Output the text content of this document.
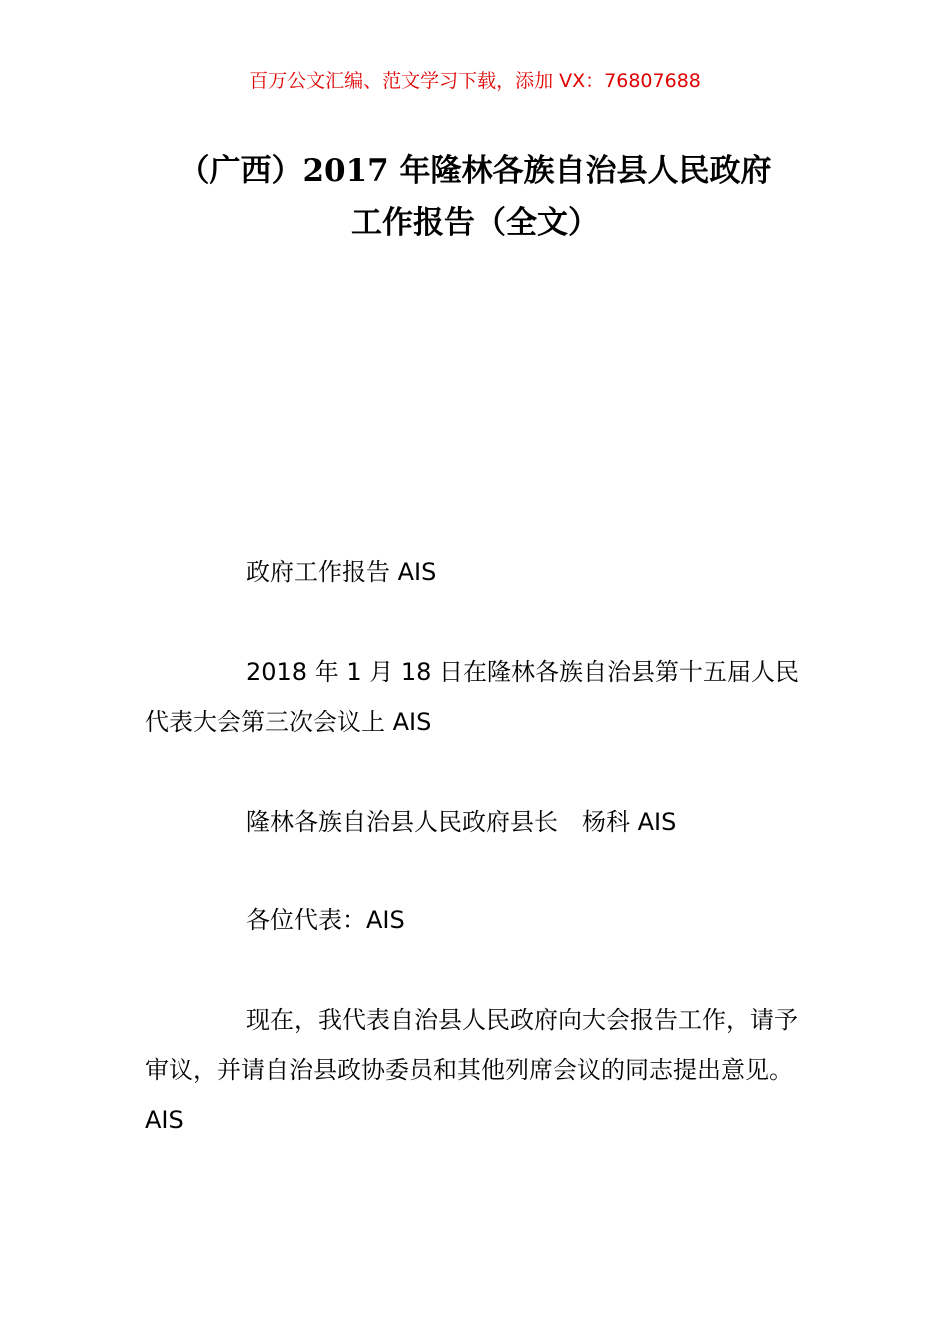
百万公文汇编、范文学习下载，添加 VX：76807688
（广西）2017 年隆林各族自治县人民政府
工作报告（全文）
政府工作报告 AIS
2018 年 1 月 18 日在隆林各族自治县第十五届人民代表大会第三次会议上 AIS
隆林各族自治县人民政府县长　杨科 AIS
各位代表：AIS
现在，我代表自治县人民政府向大会报告工作，请予审议，并请自治县政协委员和其他列席会议的同志提出意见。AIS
